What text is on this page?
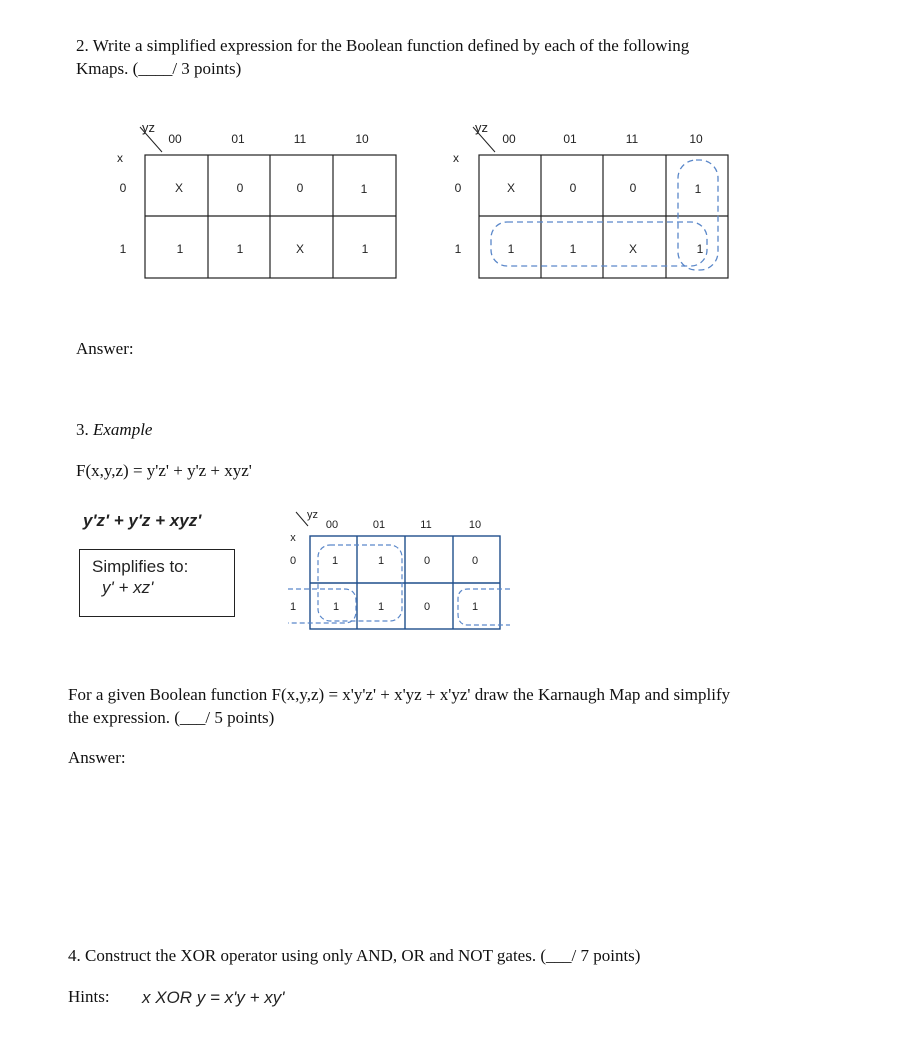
2. Write a simplified expression for the Boolean function defined by each of the following
Kmaps. (____/ 3 points)
yz
x
00	01	11	10
0
1
X	0	0	1
1	1	X	1
yz
x
00	01	11	10
0
1
X	0	0	1
1	1	X	1
Answer:
3. Example
F(x,y,z) = y'z' + y'z + xyz'
y'z' + y'z + xyz'
Simplifies to:
y' + xz'
yz
x
00	01	11	10
0
1
1	1	0	0
1	1	0	1
For a given Boolean function F(x,y,z) = x'y'z' + x'yz + x'yz' draw the Karnaugh Map and simplify
the expression. (___/ 5 points)
Answer:
4. Construct the XOR operator using only AND, OR and NOT gates. (___/ 7 points)
Hints: x XOR y = x'y + xy'
